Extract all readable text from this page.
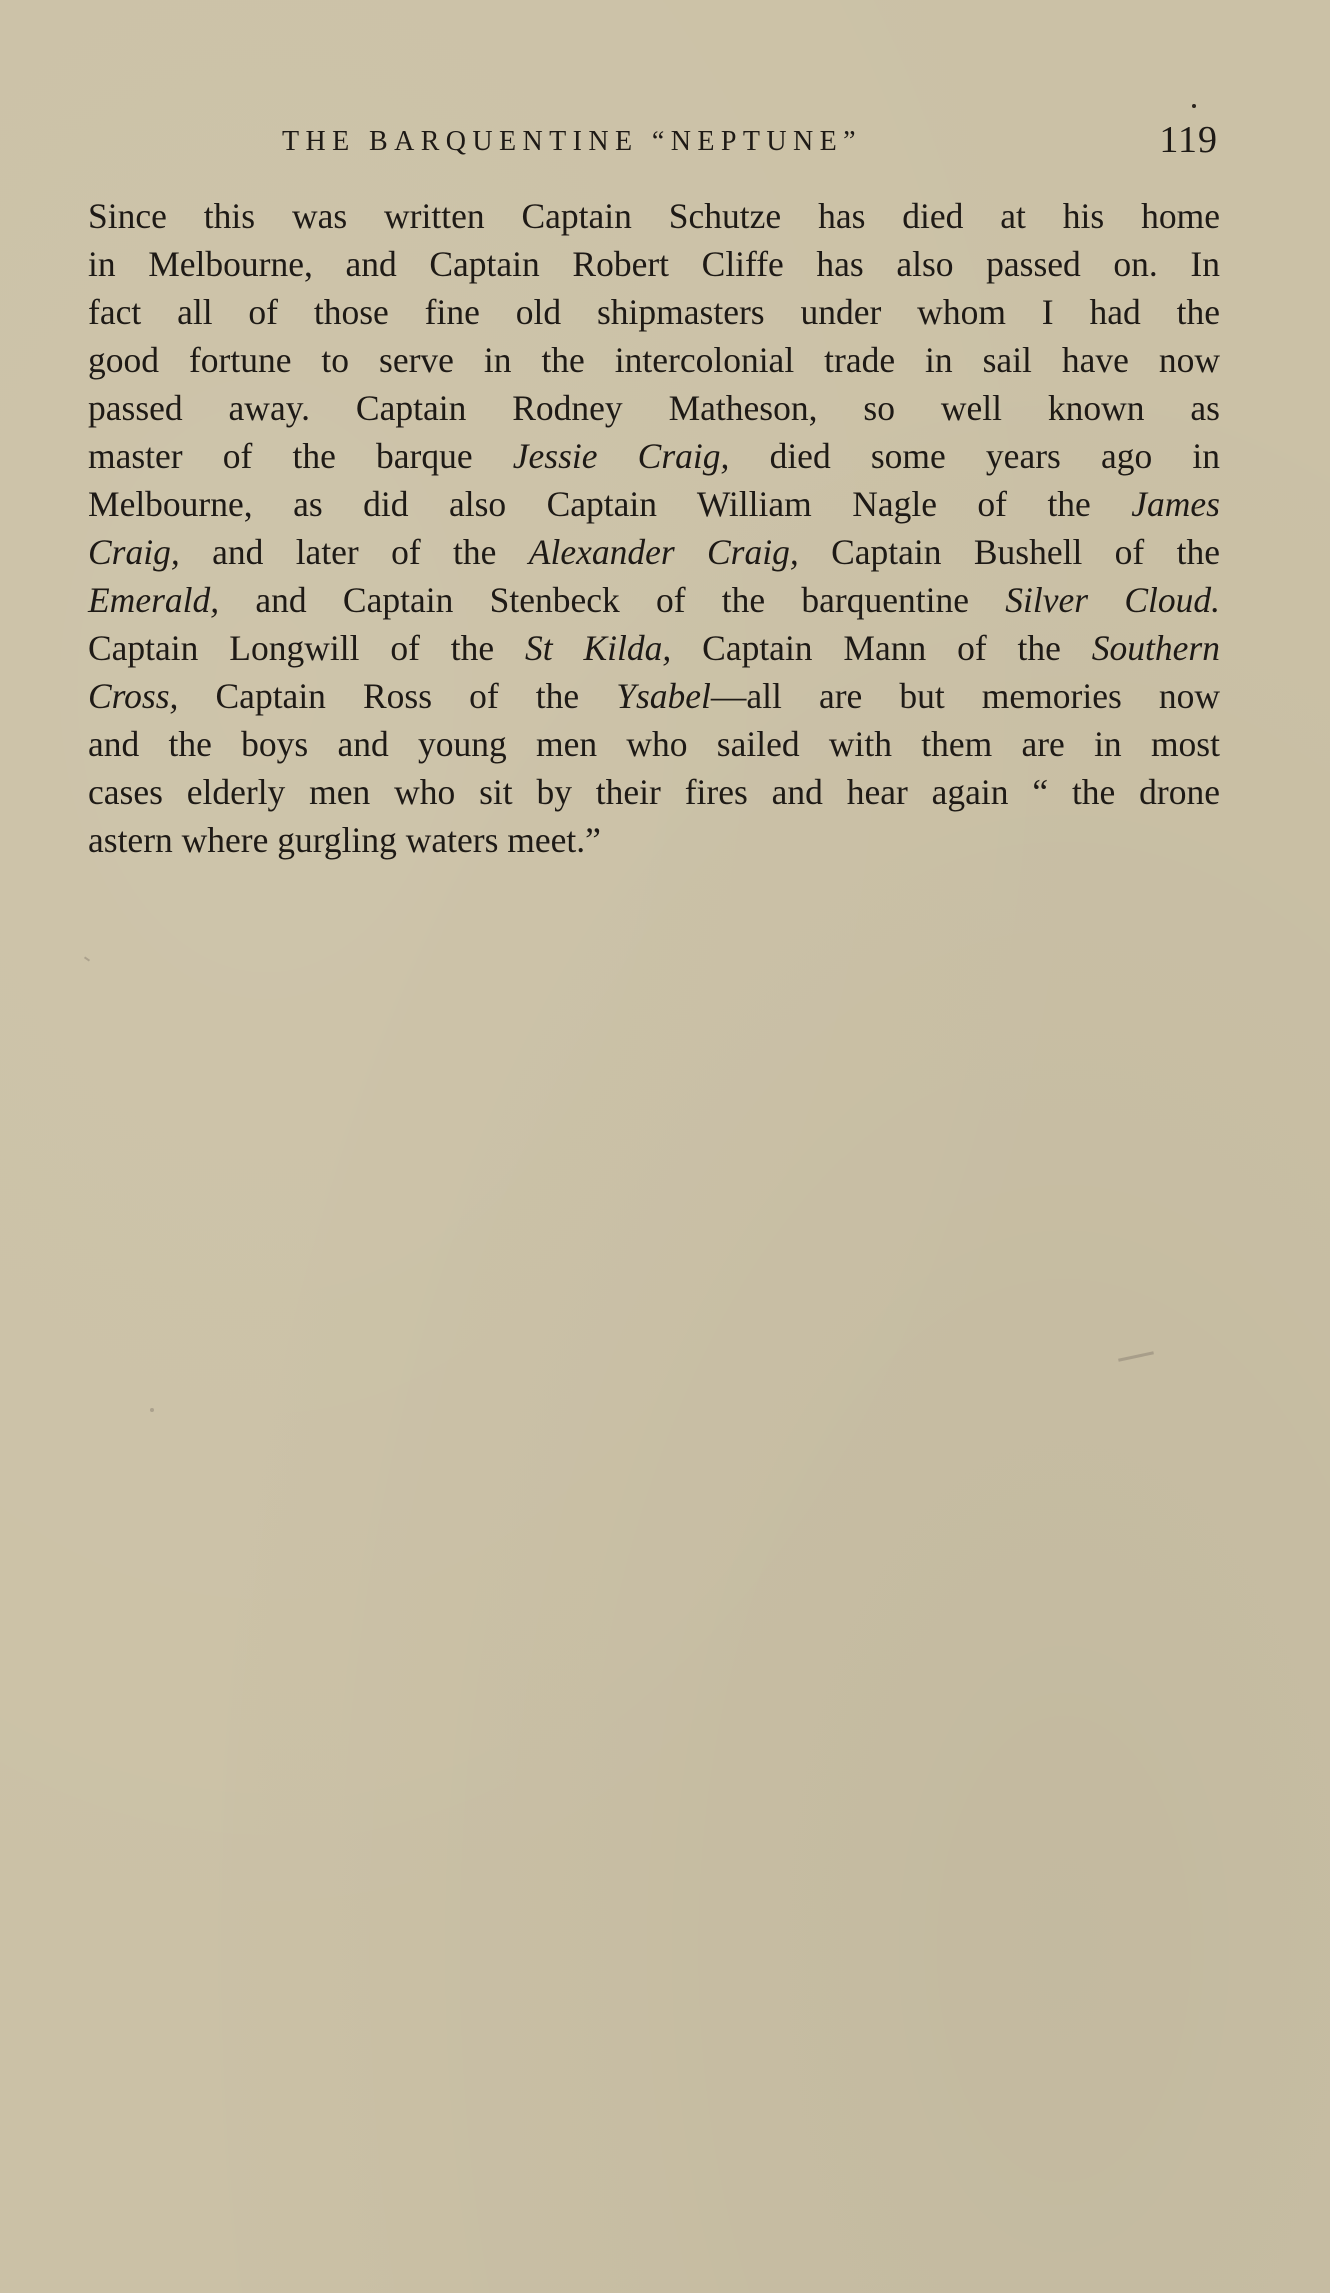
THE BARQUENTINE “NEPTUNE”	119
Since this was written Captain Schutze has died at his home
in Melbourne, and Captain Robert Cliffe has also passed on. In
fact all of those fine old shipmasters under whom I had the
good fortune to serve in the intercolonial trade in sail have now
passed away. Captain Rodney Matheson, so well known as
master of the barque Jessie Craig, died some years ago in
Melbourne, as did also Captain William Nagle of the James
Craig, and later of the Alexander Craig, Captain Bushell of the
Emerald, and Captain Stenbeck of the barquentine Silver Cloud.
Captain Longwill of the St Kilda, Captain Mann of the Southern
Cross, Captain Ross of the Ysabel—all are but memories now
and the boys and young men who sailed with them are in most
cases elderly men who sit by their fires and hear again “ the drone
astern where gurgling waters meet.”
